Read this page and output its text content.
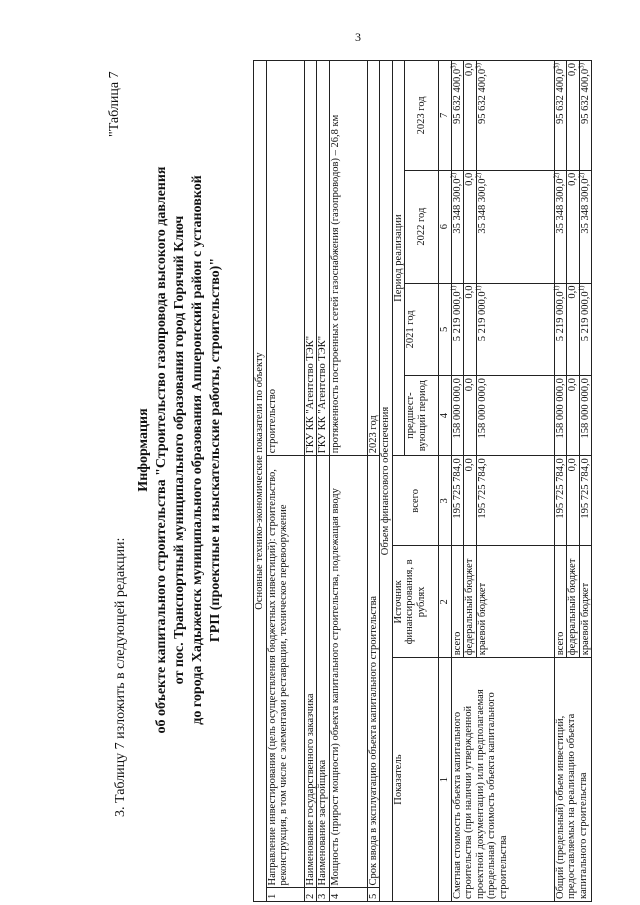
3
3. Таблицу 7 изложить в следующей редакции:
"Таблица 7
Информация об объекте капитального строительства "Строительство газопровода высокого давления от пос. Транспортный муниципального образования город Горячий Ключ до города Хадыженск муниципального образования Апшеронский район с установкой ГРП (проектные и изыскательские работы, строительство)"	Основные технико-экономические показатели по объекту							
1	Направление инвестирования (цель осуществления бюджетных инвестиций): строительство, реконструкция, в том числе с элементами реставрации, техническое перевооружение			строительство			
2	Наименование государственного заказчика			ГКУ КК "Агентство ТЭК"			
3	Наименование застройщика			ГКУ КК "Агентство ТЭК"			
4	Мощность (прирост мощности) объекта капитального строительства, подлежащая вводу			протяженность построенных сетей газоснабжения (газопроводов) – 26,8 км			
5	Срок ввода в эксплуатацию объекта капитального строительства			2023 год			
Объем финансового обеспечения							
Показатель		Источник финансирования, в рублях	всего	Период реализации			
				предшест-вующий период	2021 год	2022 год	2023 год
1		2	3	4	5	6	7
Сметная стоимость объекта капитального строительства (при наличии утвержденной проектной документации) или предполагаемая (предельная) стоимость объекта капитального строительства		всего	195 725 784,0	158 000 000,0	5 219 000,0$^{1)}$	35 348 300,0$^{2)}$	95 632 400,0$^{3)}$
		федеральный бюджет	0,0	0,0	0,0	0,0	0,0
		краевой бюджет	195 725 784,0	158 000 000,0	5 219 000,0$^{1)}$	35 348 300,0$^{2)}$	95 632 400,0$^{3)}$
Общий (предельный) объем инвестиций, предоставляемых на реализацию объекта капитального строительства		всего	195 725 784,0	158 000 000,0	5 219 000,0$^{1)}$	35 348 300,0$^{2)}$	95 632 400,0$^{3)}$
		федеральный бюджет	0,0	0,0	0,0	0,0	0,0
		краевой бюджет	195 725 784,0	158 000 000,0	5 219 000,0$^{1)}$	35 348 300,0$^{2)}$	95 632 400,0$^{3)}$
